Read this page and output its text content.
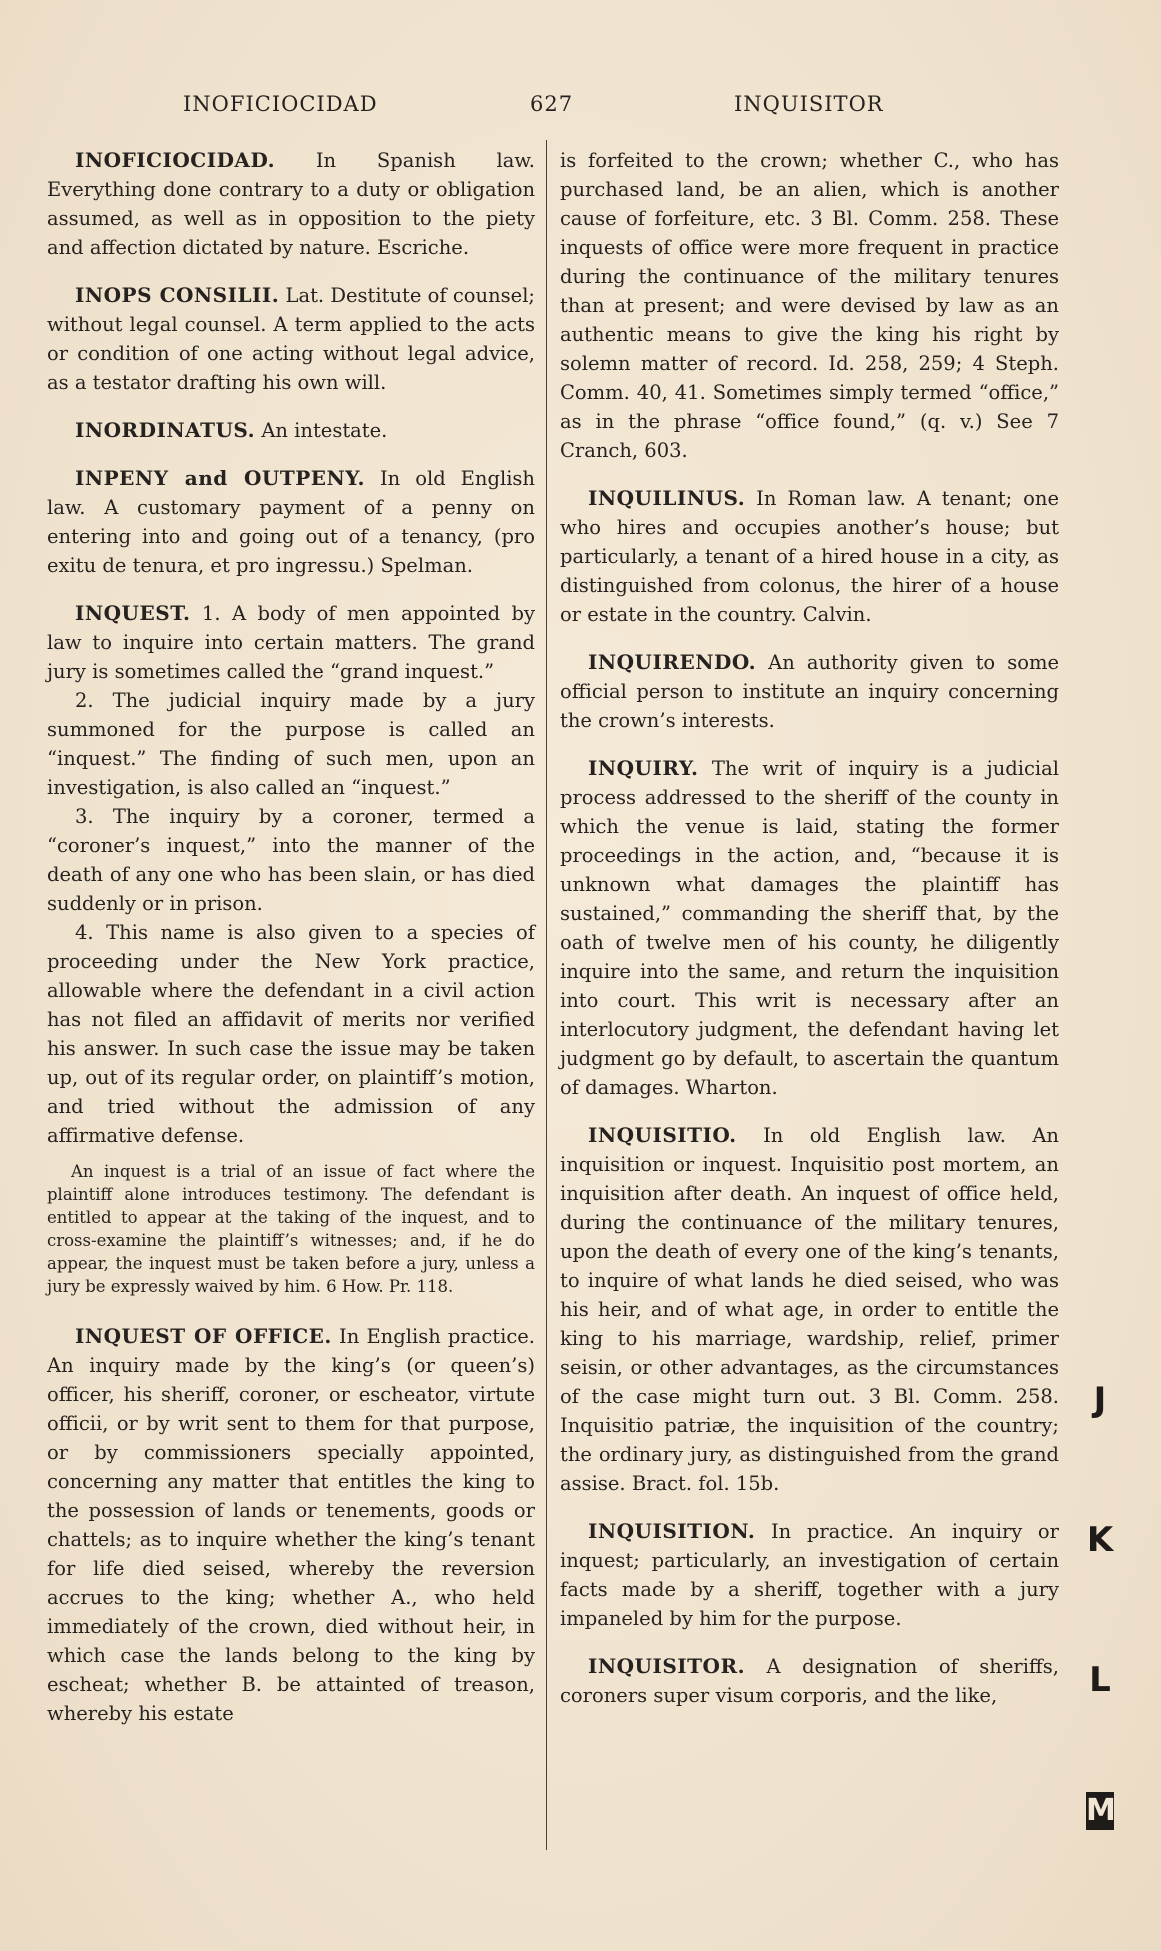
INOFICIOCIDAD	627	INQUISITOR

INOFICIOCIDAD. In Spanish law. Everything done contrary to a duty or obligation assumed, as well as in opposition to the piety and affection dictated by nature. Escriche.

INOPS CONSILII. Lat. Destitute of counsel; without legal counsel. A term applied to the acts or condition of one acting without legal advice, as a testator drafting his own will.

INORDINATUS. An intestate.

INPENY and OUTPENY. In old English law. A customary payment of a penny on entering into and going out of a tenancy, (pro exitu de tenura, et pro ingressu.) Spelman.

INQUEST. 1. A body of men appointed by law to inquire into certain matters. The grand jury is sometimes called the “grand inquest.”

2. The judicial inquiry made by a jury summoned for the purpose is called an “inquest.” The finding of such men, upon an investigation, is also called an “inquest.”

3. The inquiry by a coroner, termed a “coroner’s inquest,” into the manner of the death of any one who has been slain, or has died suddenly or in prison.

4. This name is also given to a species of proceeding under the New York practice, allowable where the defendant in a civil action has not filed an affidavit of merits nor verified his answer. In such case the issue may be taken up, out of its regular order, on plaintiff’s motion, and tried without the admission of any affirmative defense.

An inquest is a trial of an issue of fact where the plaintiff alone introduces testimony. The defendant is entitled to appear at the taking of the inquest, and to cross-examine the plaintiff’s witnesses; and, if he do appear, the inquest must be taken before a jury, unless a jury be expressly waived by him. 6 How. Pr. 118.

INQUEST OF OFFICE. In English practice. An inquiry made by the king’s (or queen’s) officer, his sheriff, coroner, or escheator, virtute officii, or by writ sent to them for that purpose, or by commissioners specially appointed, concerning any matter that entitles the king to the possession of lands or tenements, goods or chattels; as to inquire whether the king’s tenant for life died seised, whereby the reversion accrues to the king; whether A., who held immediately of the crown, died without heir, in which case the lands belong to the king by escheat; whether B. be attainted of treason, whereby his estate

is forfeited to the crown; whether C., who has purchased land, be an alien, which is another cause of forfeiture, etc. 3 Bl. Comm. 258. These inquests of office were more frequent in practice during the continuance of the military tenures than at present; and were devised by law as an authentic means to give the king his right by solemn matter of record. Id. 258, 259; 4 Steph. Comm. 40, 41. Sometimes simply termed “office,” as in the phrase “office found,” (q. v.) See 7 Cranch, 603.

INQUILINUS. In Roman law. A tenant; one who hires and occupies another’s house; but particularly, a tenant of a hired house in a city, as distinguished from colonus, the hirer of a house or estate in the country. Calvin.

INQUIRENDO. An authority given to some official person to institute an inquiry concerning the crown’s interests.

INQUIRY. The writ of inquiry is a judicial process addressed to the sheriff of the county in which the venue is laid, stating the former proceedings in the action, and, “because it is unknown what damages the plaintiff has sustained,” commanding the sheriff that, by the oath of twelve men of his county, he diligently inquire into the same, and return the inquisition into court. This writ is necessary after an interlocutory judgment, the defendant having let judgment go by default, to ascertain the quantum of damages. Wharton.

INQUISITIO. In old English law. An inquisition or inquest. Inquisitio post mortem, an inquisition after death. An inquest of office held, during the continuance of the military tenures, upon the death of every one of the king’s tenants, to inquire of what lands he died seised, who was his heir, and of what age, in order to entitle the king to his marriage, wardship, relief, primer seisin, or other advantages, as the circumstances of the case might turn out. 3 Bl. Comm. 258. Inquisitio patriæ, the inquisition of the country; the ordinary jury, as distinguished from the grand assise. Bract. fol. 15b.

INQUISITION. In practice. An inquiry or inquest; particularly, an investigation of certain facts made by a sheriff, together with a jury impaneled by him for the purpose.

INQUISITOR. A designation of sheriffs, coroners super visum corporis, and the like,

J
K
L
M
